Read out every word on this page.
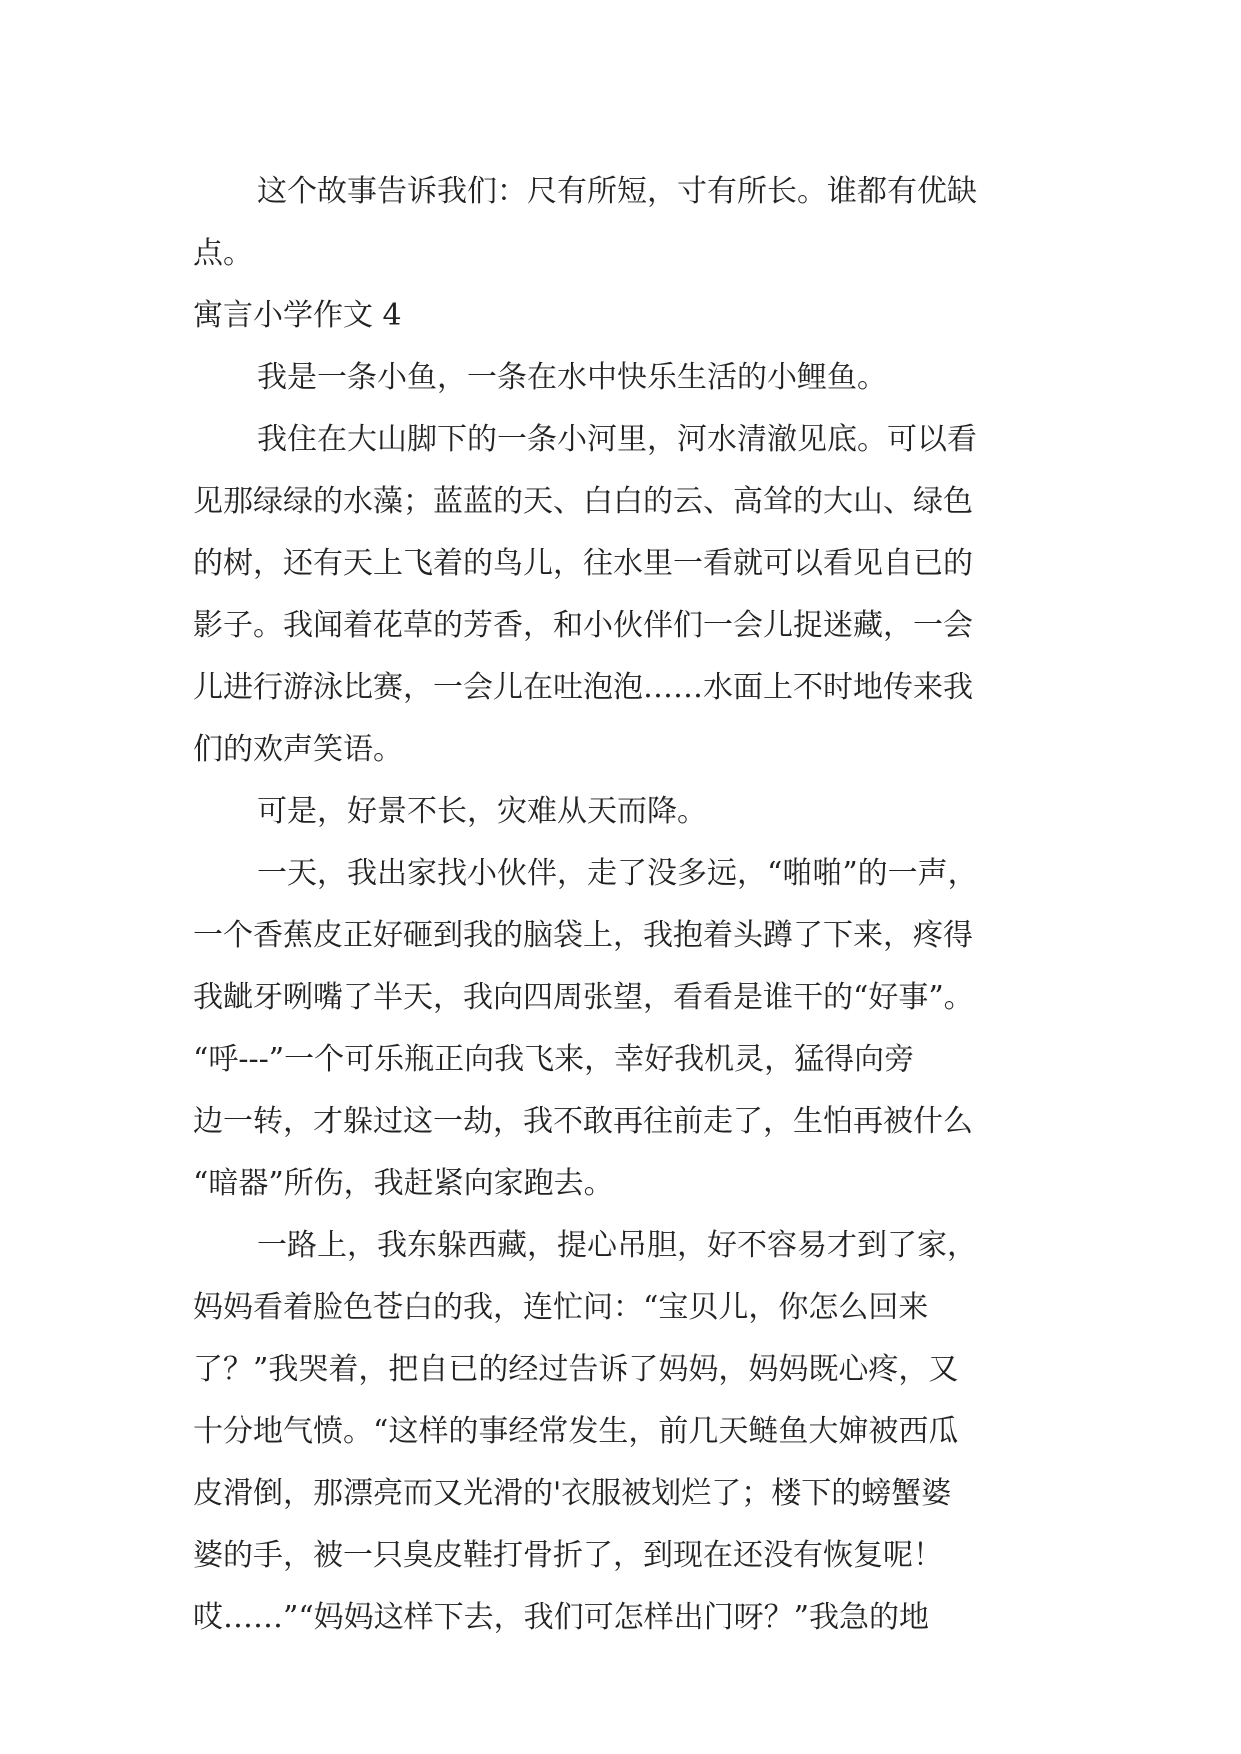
这个故事告诉我们：尺有所短，寸有所长。谁都有优缺
点。

寓言小学作文 4

我是一条小鱼，一条在水中快乐生活的小鲤鱼。

我住在大山脚下的一条小河里，河水清澈见底。可以看
见那绿绿的水藻；蓝蓝的天、白白的云、高耸的大山、绿色
的树，还有天上飞着的鸟儿，往水里一看就可以看见自已的
影子。我闻着花草的芳香，和小伙伴们一会儿捉迷藏，一会
儿进行游泳比赛，一会儿在吐泡泡……水面上不时地传来我
们的欢声笑语。

可是，好景不长，灾难从天而降。

一天，我出家找小伙伴，走了没多远，“啪啪”的一声，
一个香蕉皮正好砸到我的脑袋上，我抱着头蹲了下来，疼得
我龇牙咧嘴了半天，我向四周张望，看看是谁干的“好事”。
“呼---”一个可乐瓶正向我飞来，幸好我机灵，猛得向旁
边一转，才躲过这一劫，我不敢再往前走了，生怕再被什么
“暗器”所伤，我赶紧向家跑去。

一路上，我东躲西藏，提心吊胆，好不容易才到了家，
妈妈看着脸色苍白的我，连忙问：“宝贝儿，你怎么回来
了？”我哭着，把自已的经过告诉了妈妈，妈妈既心疼，又
十分地气愤。“这样的事经常发生，前几天鲢鱼大婶被西瓜
皮滑倒，那漂亮而又光滑的'衣服被划烂了；楼下的螃蟹婆
婆的手，被一只臭皮鞋打骨折了，到现在还没有恢复呢！
哎……”“妈妈这样下去，我们可怎样出门呀？”我急的地
